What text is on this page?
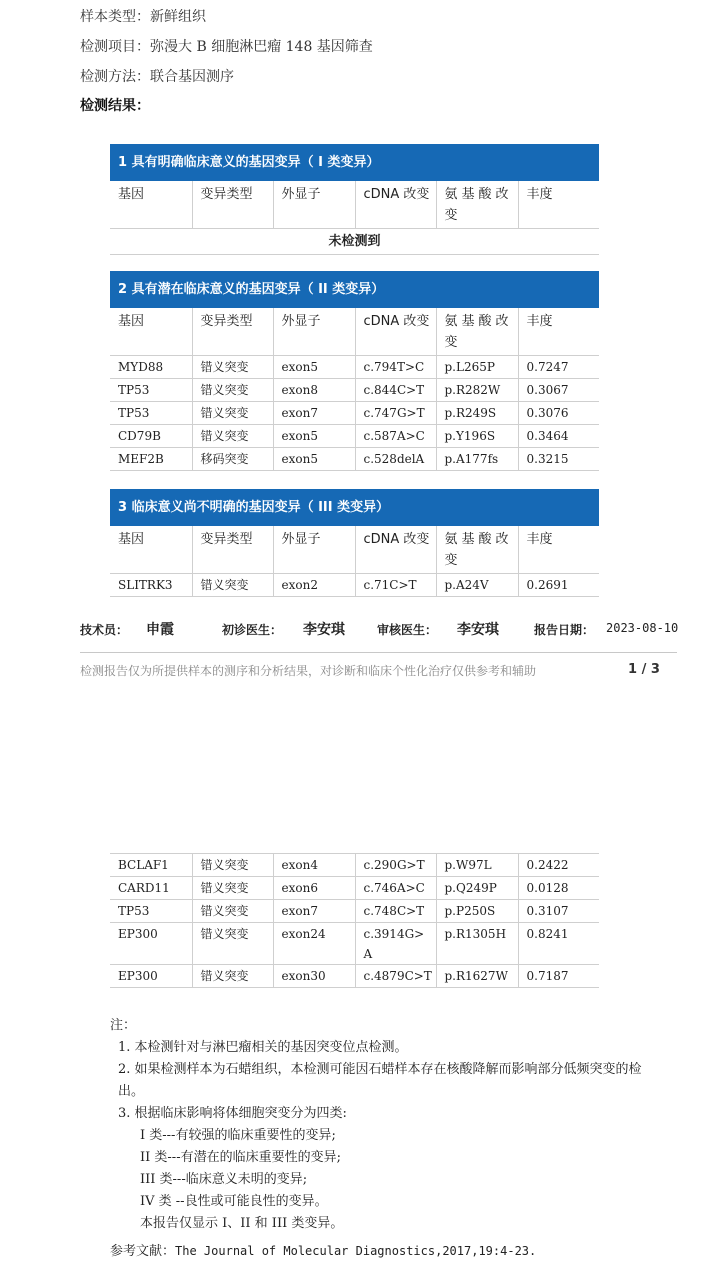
样本类型：新鲜组织
检测项目：弥漫大 B 细胞淋巴瘤 148 基因筛查
检测方法：联合基因测序
检测结果：
1 具有明确临床意义的基因变异（ I 类变异）
基因	变异类型	外显子	cDNA 改变	氨基酸改变	丰度
未检测到
2 具有潜在临床意义的基因变异（ II 类变异）
基因	变异类型	外显子	cDNA 改变	氨基酸改变	丰度
MYD88	错义突变	exon5	c.794T>C	p.L265P	0.7247
TP53	错义突变	exon8	c.844C>T	p.R282W	0.3067
TP53	错义突变	exon7	c.747G>T	p.R249S	0.3076
CD79B	错义突变	exon5	c.587A>C	p.Y196S	0.3464
MEF2B	移码突变	exon5	c.528delA	p.A177fs	0.3215
3 临床意义尚不明确的基因变异（ III 类变异）
基因	变异类型	外显子	cDNA 改变	氨基酸改变	丰度
SLITRK3	错义突变	exon2	c.71C>T	p.A24V	0.2691
技术员： 申霞	初诊医生： 李安琪	审核医生： 李安琪	报告日期： 2023-08-10
检测报告仅为所提供样本的测序和分析结果，对诊断和临床个性化治疗仅供参考和辅助	1 / 3
BCLAF1	错义突变	exon4	c.290G>T	p.W97L	0.2422
CARD11	错义突变	exon6	c.746A>C	p.Q249P	0.0128
TP53	错义突变	exon7	c.748C>T	p.P250S	0.3107
EP300	错义突变	exon24	c.3914G>A	p.R1305H	0.8241
EP300	错义突变	exon30	c.4879C>T	p.R1627W	0.7187
注：
1. 本检测针对与淋巴瘤相关的基因突变位点检测。
2. 如果检测样本为石蜡组织，本检测可能因石蜡样本存在核酸降解而影响部分低频突变的检出。
3. 根据临床影响将体细胞突变分为四类:
I 类---有较强的临床重要性的变异;
II 类---有潜在的临床重要性的变异;
III 类---临床意义未明的变异;
IV 类 --良性或可能良性的变异。
本报告仅显示 I、II 和 III 类变异。
参考文献：The Journal of Molecular Diagnostics,2017,19:4-23.
